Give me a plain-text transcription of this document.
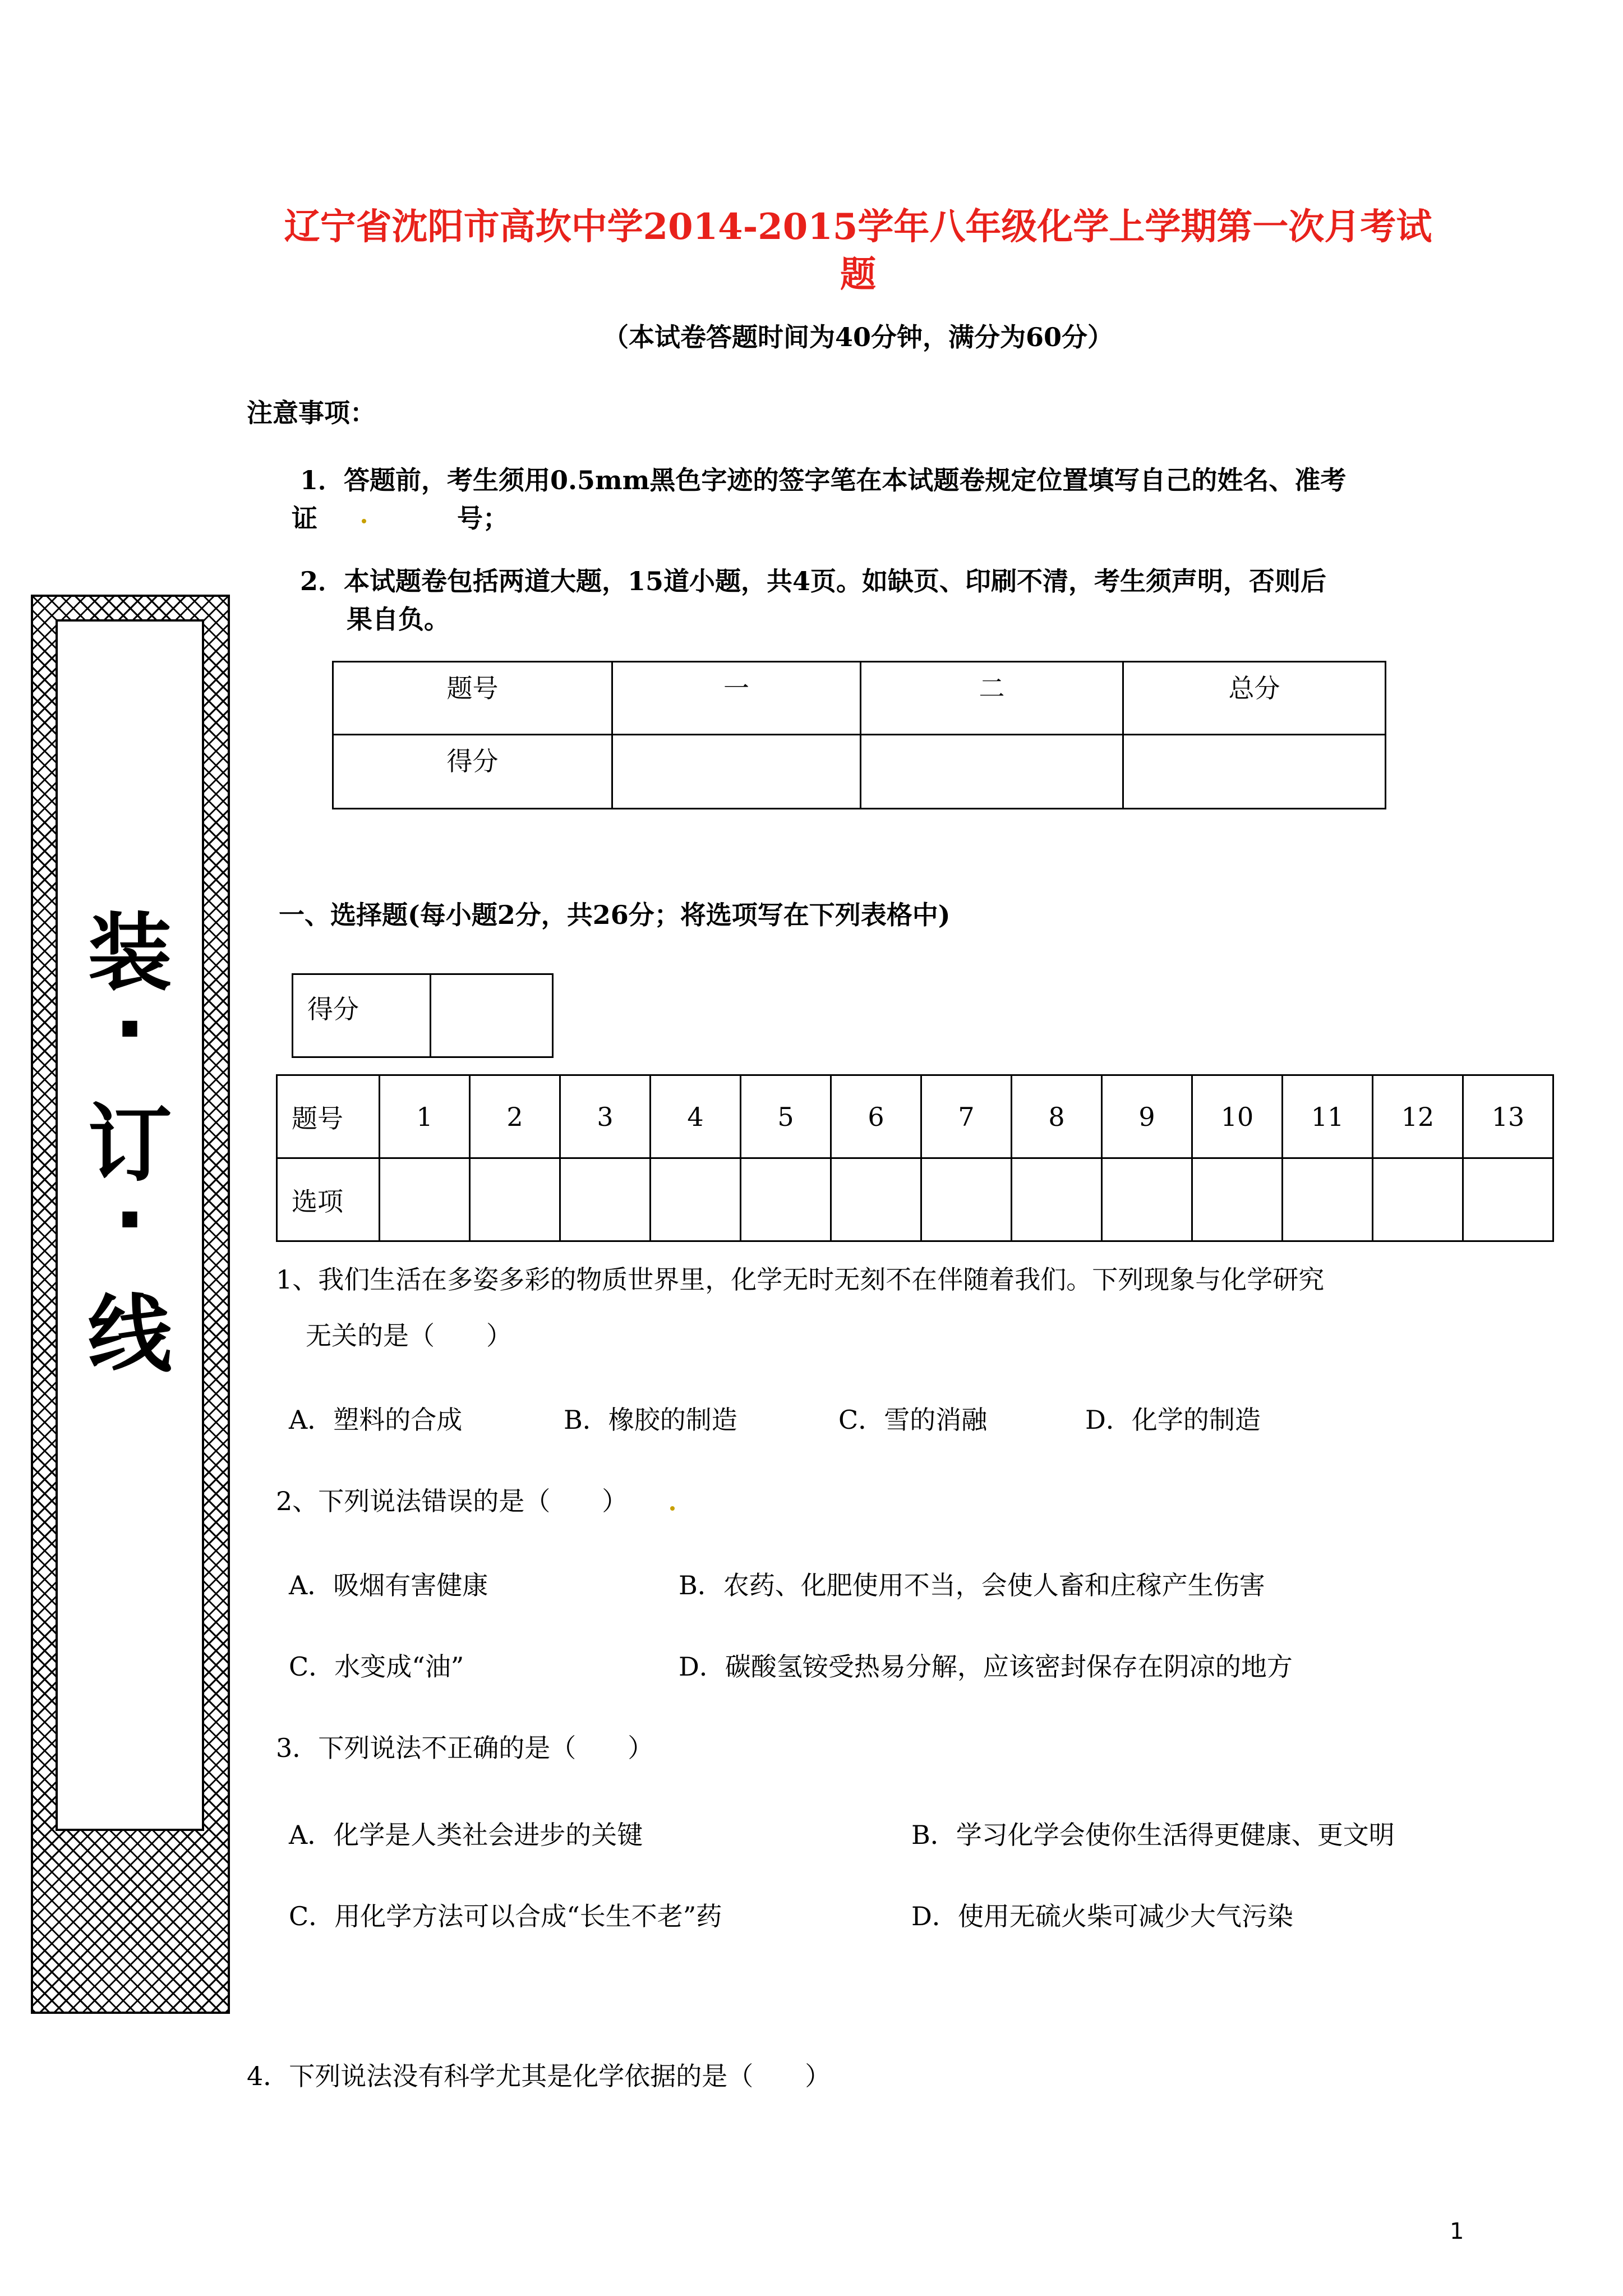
辽宁省沈阳市高坎中学2014-2015学年八年级化学上学期第一次月考试
题
（本试卷答题时间为40分钟，满分为60分）
注意事项：
1．答题前，考生须用0.5mm黑色字迹的签字笔在本试题卷规定位置填写自己的姓名、准考
证	号；
2．本试题卷包括两道大题，15道小题，共4页。如缺页、印刷不清，考生须声明，否则后
果自负。
题号	一	二	总分
得分			
装
·
订
·
线
一、选择题(每小题2分，共26分；将选项写在下列表格中)
得分	
题号	1	2	3	4	5	6	7	8	9	10	11	12	13
选项													
1、我们生活在多姿多彩的物质世界里，化学无时无刻不在伴随着我们。下列现象与化学研究
无关的是（　　）
A．塑料的合成	B．橡胶的制造	C．雪的消融	D．化学的制造
2、下列说法错误的是（　　）
A．吸烟有害健康	B．农药、化肥使用不当，会使人畜和庄稼产生伤害
C．水变成“油”	D．碳酸氢铵受热易分解，应该密封保存在阴凉的地方
3．下列说法不正确的是（　　）
A．化学是人类社会进步的关键	B．学习化学会使你生活得更健康、更文明
C．用化学方法可以合成“长生不老”药	D．使用无硫火柴可减少大气污染
4．下列说法没有科学尤其是化学依据的是（　　）
1
